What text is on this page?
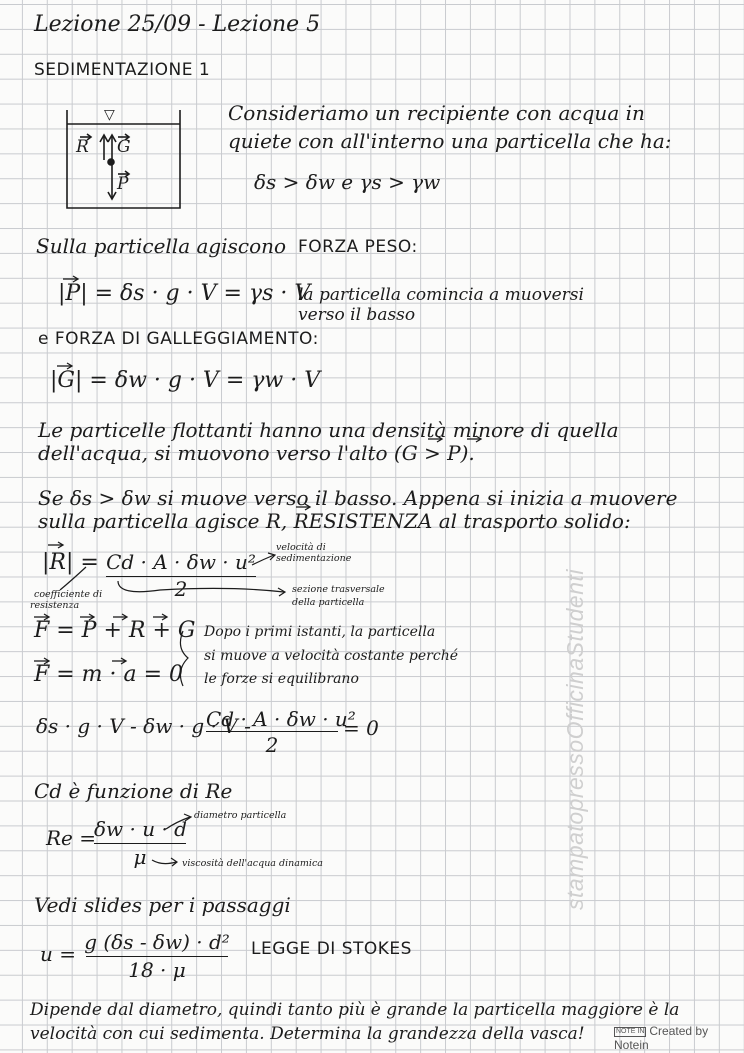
Lezione 25/09 - Lezione 5
SEDIMENTAZIONE 1
R G
P
▽	Consideriamo un recipiente con acqua in
quiete con all'interno una particella che ha:
δs > δw e γs > γw
Sulla particella agiscono FORZA PESO:
|P| = δs · g · V = γs · V
la particella comincia a muoversi
verso il basso
e FORZA DI GALLEGGIAMENTO:
|G| = δw · g · V = γw · V
Le particelle flottanti hanno una densità minore di quella
dell'acqua, si muovono verso l'alto (G > P).
Se δs > δw si muove verso il basso. Appena si inizia a muovere
sulla particella agisce R, RESISTENZA al trasporto solido:
|R| = Cd · A · δw · u²
2
velocità di sedimentazione
sezione trasversale
della particella
coefficiente di
resistenza
F = P + R + G
F = m · a = 0
Dopo i primi istanti, la particella
si muove a velocità costante perché
le forze si equilibrano
δs · g · V - δw · g · V -
Cd · A · δw · u²
2
= 0
Cd è funzione di Re
Re =
δw · u · d
μ
diametro particella
viscosità dell'acqua dinamica
Vedi slides per i passaggi
u = g (δs - δw) · d²
18 · μ
LEGGE DI STOKES
Dipende dal diametro, quindi tanto più è grande la particella maggiore è la
velocità con cui sedimenta. Determina la grandezza della vasca!
stampatopressoOfficinaStudenti
NOTE IN Created by Notein
